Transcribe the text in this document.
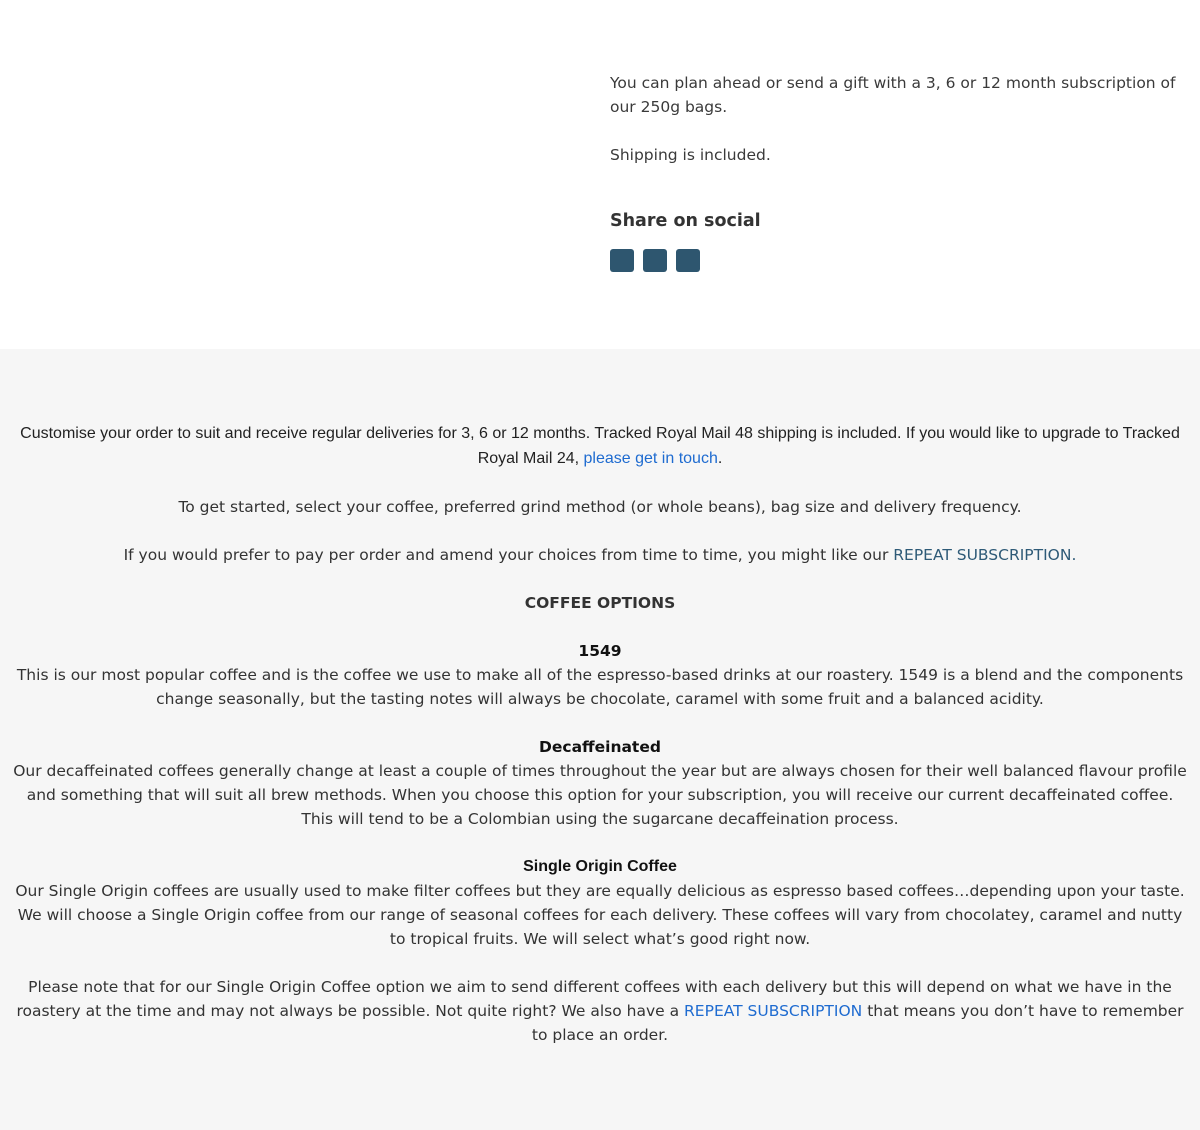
You can plan ahead or send a gift with a 3, 6 or 12 month subscription of our 250g bags.

Shipping is included.

Share on social

Customise your order to suit and receive regular deliveries for 3, 6 or 12 months. Tracked Royal Mail 48 shipping is included. If you would like to upgrade to Tracked Royal Mail 24, please get in touch.

To get started, select your coffee, preferred grind method (or whole beans), bag size and delivery frequency.

If you would prefer to pay per order and amend your choices from time to time, you might like our REPEAT SUBSCRIPTION.

COFFEE OPTIONS

1549
This is our most popular coffee and is the coffee we use to make all of the espresso-based drinks at our roastery. 1549 is a blend and the components change seasonally, but the tasting notes will always be chocolate, caramel with some fruit and a balanced acidity.

Decaffeinated
Our decaffeinated coffees generally change at least a couple of times throughout the year but are always chosen for their well balanced flavour profile and something that will suit all brew methods. When you choose this option for your subscription, you will receive our current decaffeinated coffee. This will tend to be a Colombian using the sugarcane decaffeination process.

Single Origin Coffee
Our Single Origin coffees are usually used to make filter coffees but they are equally delicious as espresso based coffees…depending upon your taste. We will choose a Single Origin coffee from our range of seasonal coffees for each delivery. These coffees will vary from chocolatey, caramel and nutty to tropical fruits. We will select what’s good right now.

Please note that for our Single Origin Coffee option we aim to send different coffees with each delivery but this will depend on what we have in the roastery at the time and may not always be possible. Not quite right? We also have a REPEAT SUBSCRIPTION that means you don’t have to remember to place an order.
